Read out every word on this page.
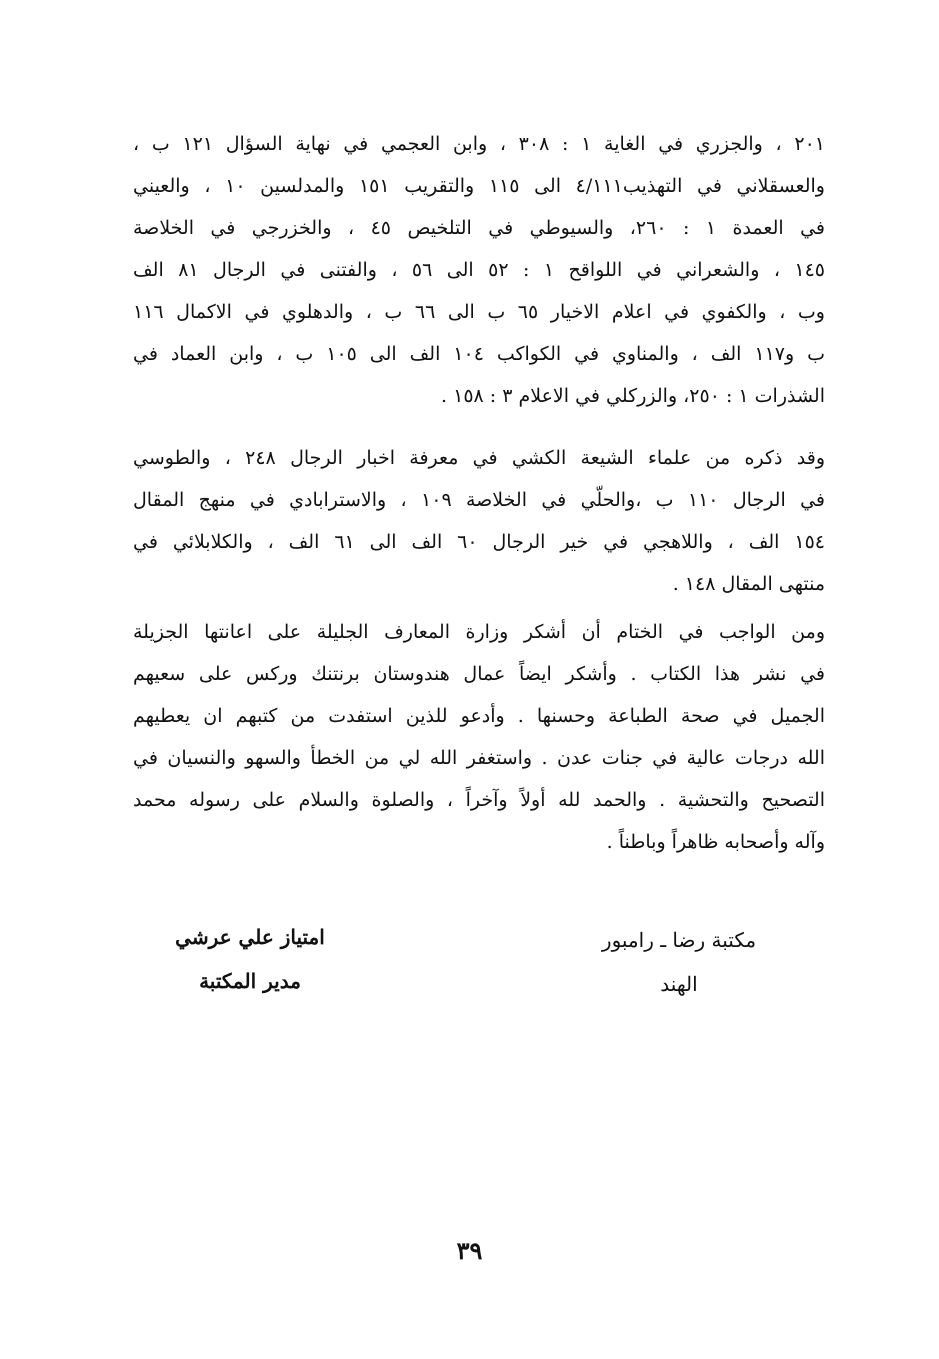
٢٠١ ، والجزري في الغاية ١ : ٣٠٨ ، وابن العجمي في نهاية السؤال ١٢١ ب ،
والعسقلاني في التهذيب٤/١١١ الى ١١٥ والتقريب ١٥١ والمدلسين ١٠ ، والعيني
في العمدة ١ : ٢٦٠، والسيوطي في التلخيص ٤٥ ، والخزرجي في الخلاصة
١٤٥ ، والشعراني في اللواقح ١ : ٥٢ الى ٥٦ ، والفتنى في الرجال ٨١ الف
وب ، والكفوي في اعلام الاخيار ٦٥ ب الى ٦٦ ب ، والدهلوي في الاكمال ١١٦
ب و١١٧ الف ، والمناوي في الكواكب ١٠٤ الف الى ١٠٥ ب ، وابن العماد في
الشذرات ١ : ٢٥٠، والزركلي في الاعلام ٣ : ١٥٨ .
وقد ذكره من علماء الشيعة الكشي في معرفة اخبار الرجال ٢٤٨ ، والطوسي
في الرجال ١١٠ ب ،والحلّي في الخلاصة ١٠٩ ، والاسترابادي في منهج المقال
١٥٤ الف ، واللاهجي في خير الرجال ٦٠ الف الى ٦١ الف ، والكلابلائي في
منتهى المقال ١٤٨ .
ومن الواجب في الختام أن أشكر وزارة المعارف الجليلة على اعانتها الجزيلة
في نشر هذا الكتاب . وأشكر ايضاً عمال هندوستان برنتنك وركس على سعيهم
الجميل في صحة الطباعة وحسنها . وأدعو للذين استفدت من كتبهم ان يعطيهم
الله درجات عالية في جنات عدن . واستغفر الله لي من الخطأ والسهو والنسيان في
التصحيح والتحشية . والحمد لله أولاً وآخراً ، والصلوة والسلام على رسوله محمد
وآله وأصحابه ظاهراً وباطناً .
مكتبة رضا ـ رامبور
الهند
امتياز علي عرشي
مدير المكتبة
٣٩
